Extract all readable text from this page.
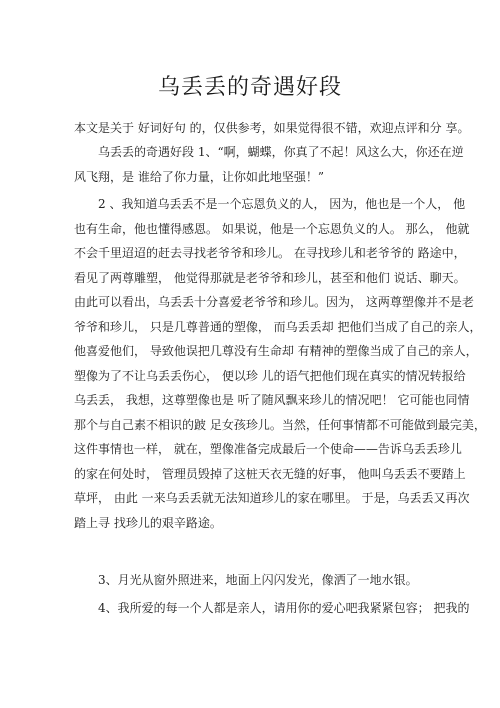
乌丢丢的奇遇好段
本文是关于 好词好句 的，仅供参考，如果觉得很不错，欢迎点评和分 享。
乌丢丢的奇遇好段 1、“啊，蝴蝶，你真了不起！风这么大，你还在逆
风飞翔，是 谁给了你力量，让你如此地坚强！”
2 、我知道乌丢丢不是一个忘恩负义的人， 因为，他也是一个人， 他
也有生命，他也懂得感恩。 如果说，他是一个忘恩负义的人。 那么， 他就
不会千里迢迢的赶去寻找老爷爷和珍儿。 在寻找珍儿和老爷爷的 路途中，
看见了两尊雕塑， 他觉得那就是老爷爷和珍儿，甚至和他们 说话、聊天。
由此可以看出，乌丢丢十分喜爱老爷爷和珍儿。因为， 这两尊塑像并不是老
爷爷和珍儿， 只是几尊普通的塑像， 而乌丢丢却 把他们当成了自己的亲人，
他喜爱他们， 导致他误把几尊没有生命却 有精神的塑像当成了自己的亲人，
塑像为了不让乌丢丢伤心， 便以珍 儿的语气把他们现在真实的情况转报给
乌丢丢， 我想，这尊塑像也是 听了随风飘来珍儿的情况吧！ 它可能也同情
那个与自己素不相识的跛 足女孩珍儿。当然，任何事情都不可能做到最完美，
这件事情也一样， 就在，塑像准备完成最后一个使命——告诉乌丢丢珍儿
的家在何处时， 管理员毁掉了这桩天衣无缝的好事， 他叫乌丢丢不要踏上
草坪， 由此 一来乌丢丢就无法知道珍儿的家在哪里。 于是，乌丢丢又再次
踏上寻 找珍儿的艰辛路途。
3、月光从窗外照进来，地面上闪闪发光，像洒了一地水银。
4、我所爱的每一个人都是亲人，请用你的爱心吧我紧紧包容； 把我的
